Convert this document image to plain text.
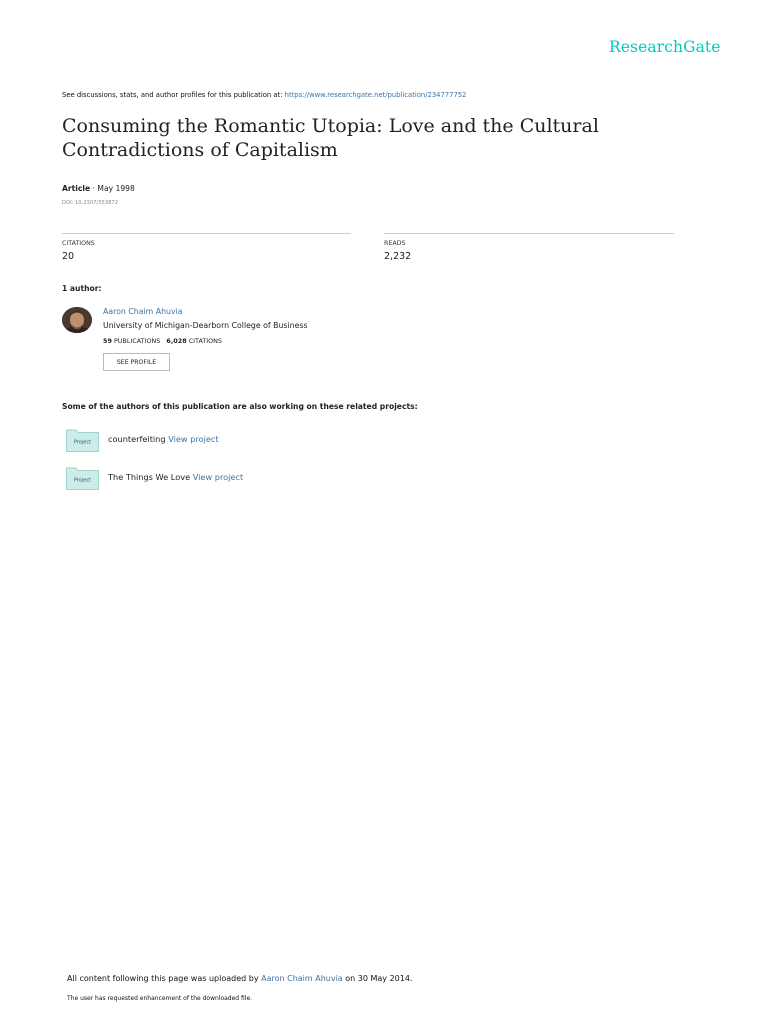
ResearchGate
See discussions, stats, and author profiles for this publication at: https://www.researchgate.net/publication/234777752
Consuming the Romantic Utopia: Love and the Cultural Contradictions of Capitalism
Article · May 1998
DOI: 10.2307/353872
CITATIONS
20
READS
2,232
1 author:
Aaron Chaim Ahuvia
University of Michigan-Dearborn College of Business
59 PUBLICATIONS 6,028 CITATIONS
SEE PROFILE
Some of the authors of this publication are also working on these related projects:
Project counterfeiting View project
Project The Things We Love View project
All content following this page was uploaded by Aaron Chaim Ahuvia on 30 May 2014.
The user has requested enhancement of the downloaded file.
